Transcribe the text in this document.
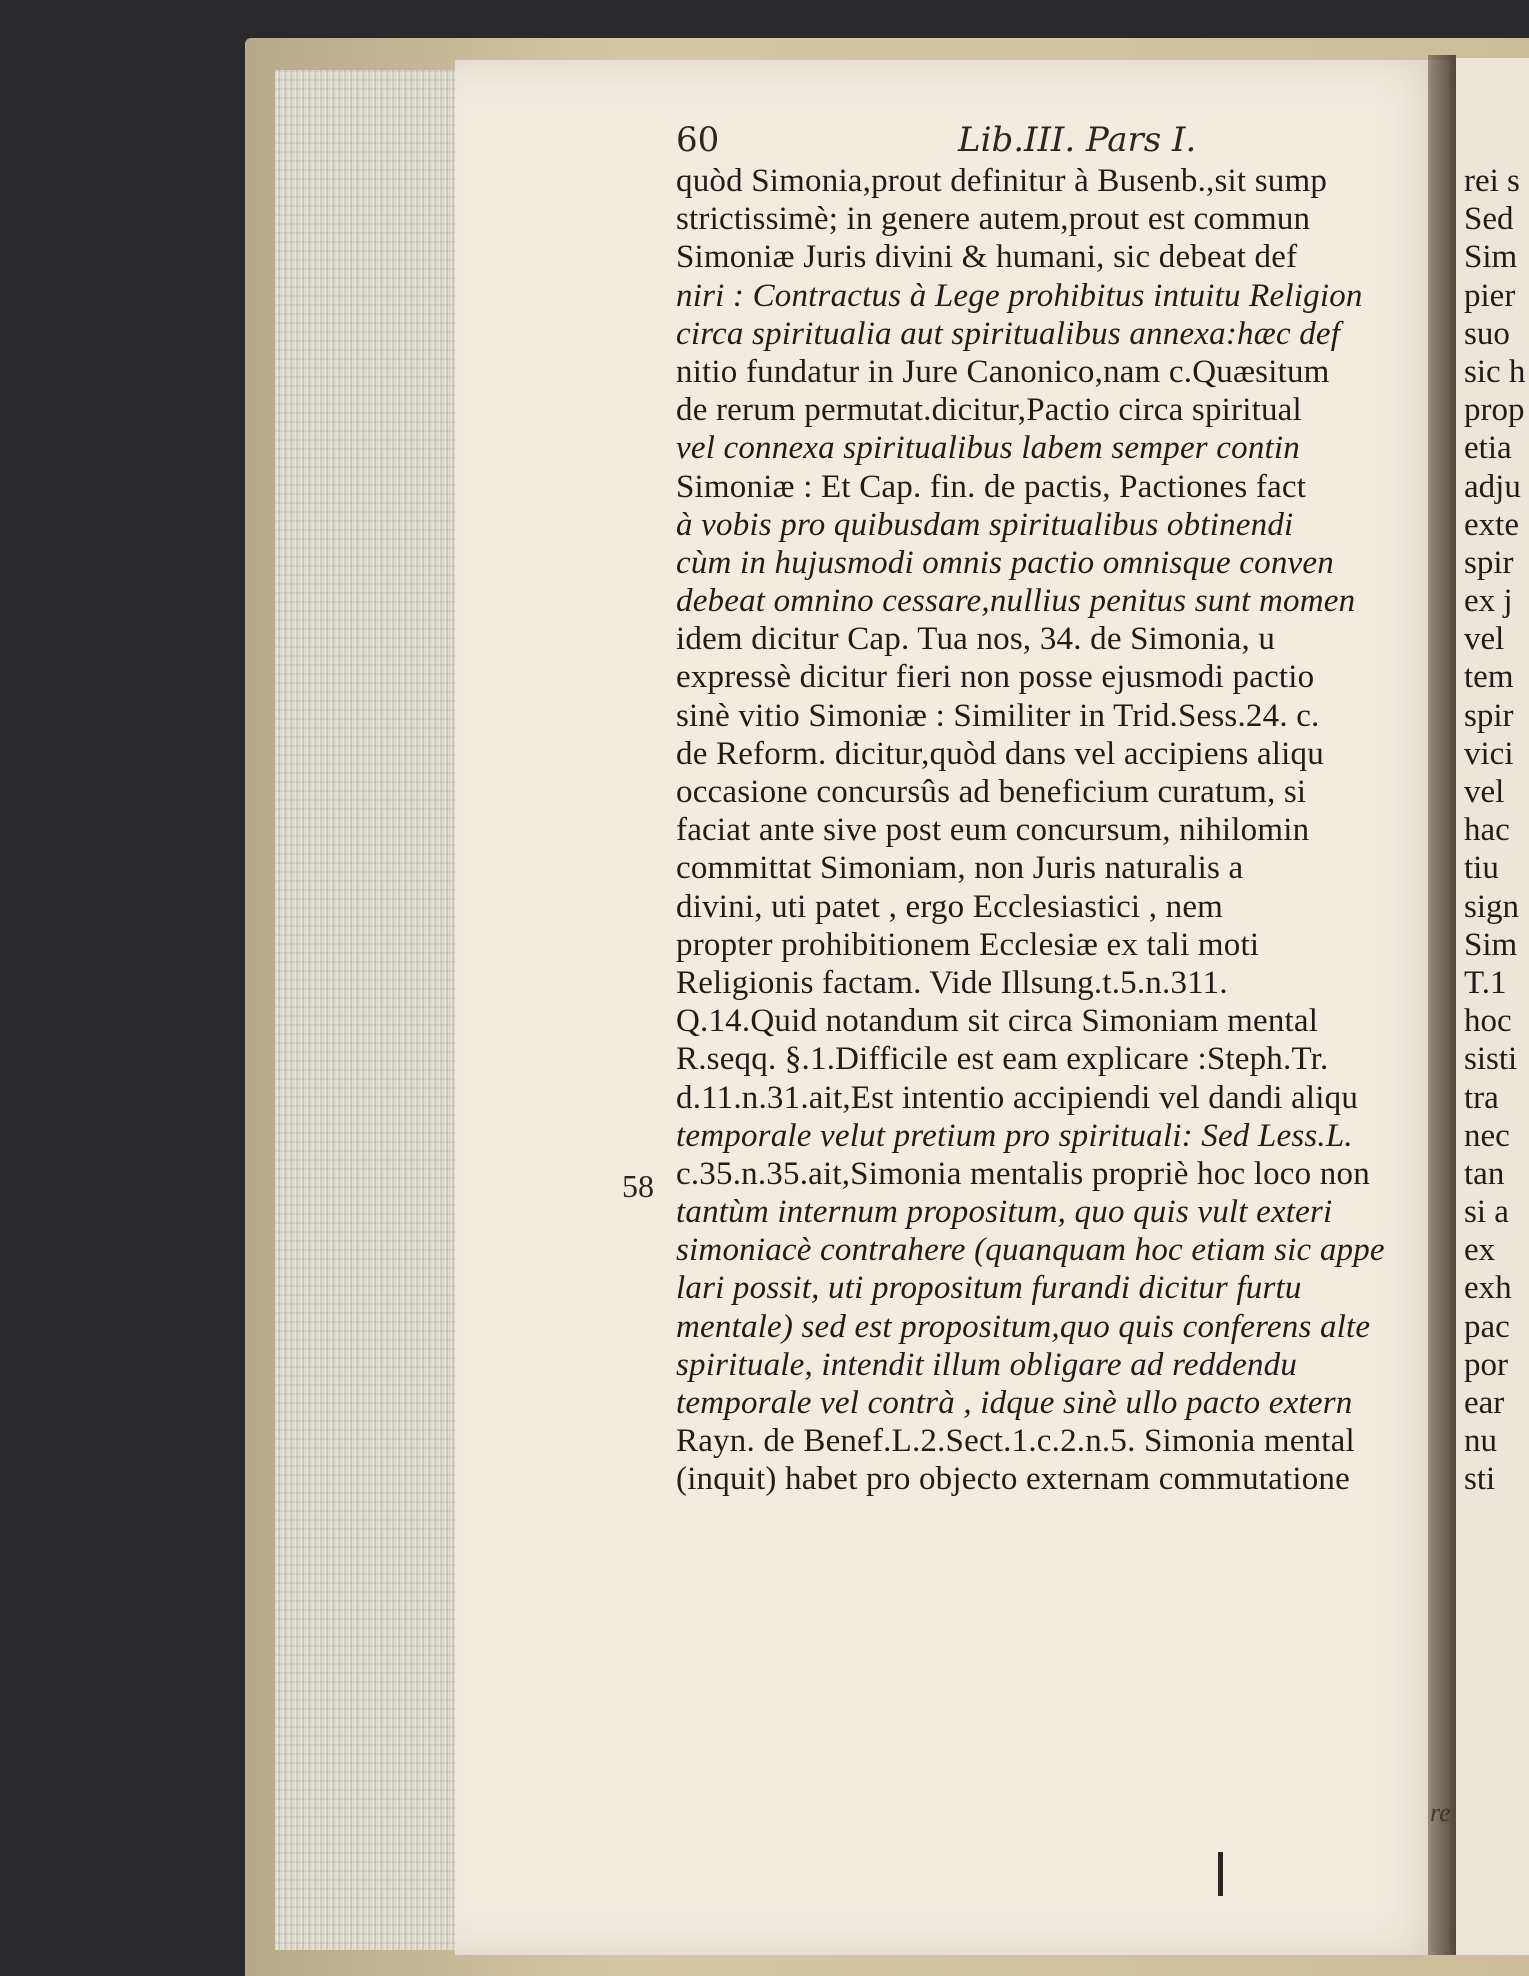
60	Lib.III. Pars I.
58
quòd Simonia,prout definitur à Busenb.,sit sump
strictissimè; in genere autem,prout est commun
Simoniæ Juris divini & humani, sic debeat def
niri : Contractus à Lege prohibitus intuitu Religion
circa spiritualia aut spiritualibus annexa:hæc def
nitio fundatur in Jure Canonico,nam c.Quæsitum
de rerum permutat.dicitur,Pactio circa spiritual
vel connexa spiritualibus labem semper contin
Simoniæ : Et Cap. fin. de pactis, Pactiones fact
à vobis pro quibusdam spiritualibus obtinendi
cùm in hujusmodi omnis pactio omnisque conven
debeat omnino cessare,nullius penitus sunt momen
idem dicitur Cap. Tua nos, 34. de Simonia, u
expressè dicitur fieri non posse ejusmodi pactio
sinè vitio Simoniæ : Similiter in Trid.Sess.24. c.
de Reform. dicitur,quòd dans vel accipiens aliqu
occasione concursûs ad beneficium curatum, si
faciat ante sive post eum concursum, nihilomin
committat Simoniam, non Juris naturalis a
divini, uti patet , ergo Ecclesiastici , nem
propter prohibitionem Ecclesiæ ex tali moti
Religionis factam. Vide Illsung.t.5.n.311.
Q.14.Quid notandum sit circa Simoniam mental
R.seqq. §.1.Difficile est eam explicare :Steph.Tr.
d.11.n.31.ait,Est intentio accipiendi vel dandi aliqu
temporale velut pretium pro spirituali: Sed Less.L.
c.35.n.35.ait,Simonia mentalis propriè hoc loco non
tantùm internum propositum, quo quis vult exteri
simoniacè contrahere (quanquam hoc etiam sic appe
lari possit, uti propositum furandi dicitur furtu
mentale) sed est propositum,quo quis conferens alte
spirituale, intendit illum obligare ad reddendu
temporale vel contrà , idque sinè ullo pacto extern
Rayn. de Benef.L.2.Sect.1.c.2.n.5. Simonia mental
(inquit) habet pro objecto externam commutatione
rei s
Sed
Sim
pier
suo
sic h
prop
etia
adju
exte
spir
ex j
vel
tem
spir
vici
vel
hac
tiu
sign
Sim
T.1
hoc
sisti
tra
nec
tan
si a
ex
exh
pac
por
ear
nu
sti
